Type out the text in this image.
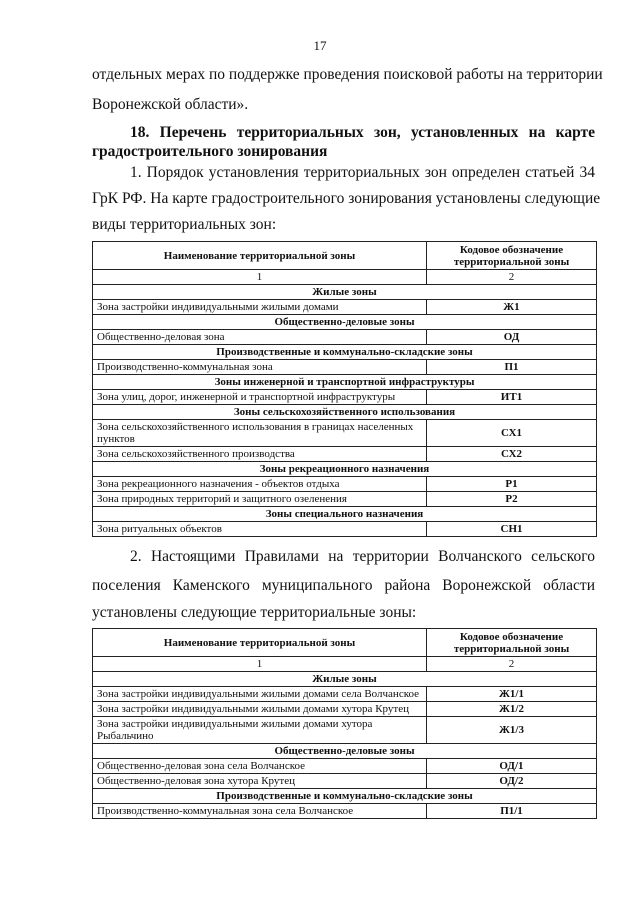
17
отдельных мерах по поддержке проведения поисковой работы на территории
Воронежской области».
18. Перечень территориальных зон, установленных на карте
градостроительного зонирования
1. Порядок установления территориальных зон определен статьей 34
ГрК РФ. На карте градостроительного зонирования установлены следующие
виды территориальных зон:
Наименование территориальной зоны	Кодовое обозначение территориальной зоны
1	2
Жилые зоны	
Зона застройки индивидуальными жилыми домами	Ж1
Общественно-деловые зоны	
Общественно-деловая зона	ОД
Производственные и коммунально-складские зоны	
Производственно-коммунальная зона	П1
Зоны инженерной и транспортной инфраструктуры	
Зона улиц, дорог, инженерной и транспортной инфраструктуры	ИТ1
Зоны сельскохозяйственного использования	
Зона сельскохозяйственного использования в границах населенных пунктов	СХ1
Зона сельскохозяйственного производства	СХ2
Зоны рекреационного назначения	
Зона рекреационного назначения - объектов отдыха	Р1
Зона природных территорий и защитного озеленения	Р2
Зоны специального назначения	
Зона ритуальных объектов	СН1
2. Настоящими Правилами на территории Волчанского сельского
поселения Каменского муниципального района Воронежской области
установлены следующие территориальные зоны:
Наименование территориальной зоны	Кодовое обозначение территориальной зоны
1	2
Жилые зоны	
Зона застройки индивидуальными жилыми домами села Волчанское	Ж1/1
Зона застройки индивидуальными жилыми домами хутора Крутец	Ж1/2
Зона застройки индивидуальными жилыми домами хутора Рыбальчино	Ж1/3
Общественно-деловые зоны	
Общественно-деловая зона села Волчанское	ОД/1
Общественно-деловая зона хутора Крутец	ОД/2
Производственные и коммунально-складские зоны	
Производственно-коммунальная зона села Волчанское	П1/1
